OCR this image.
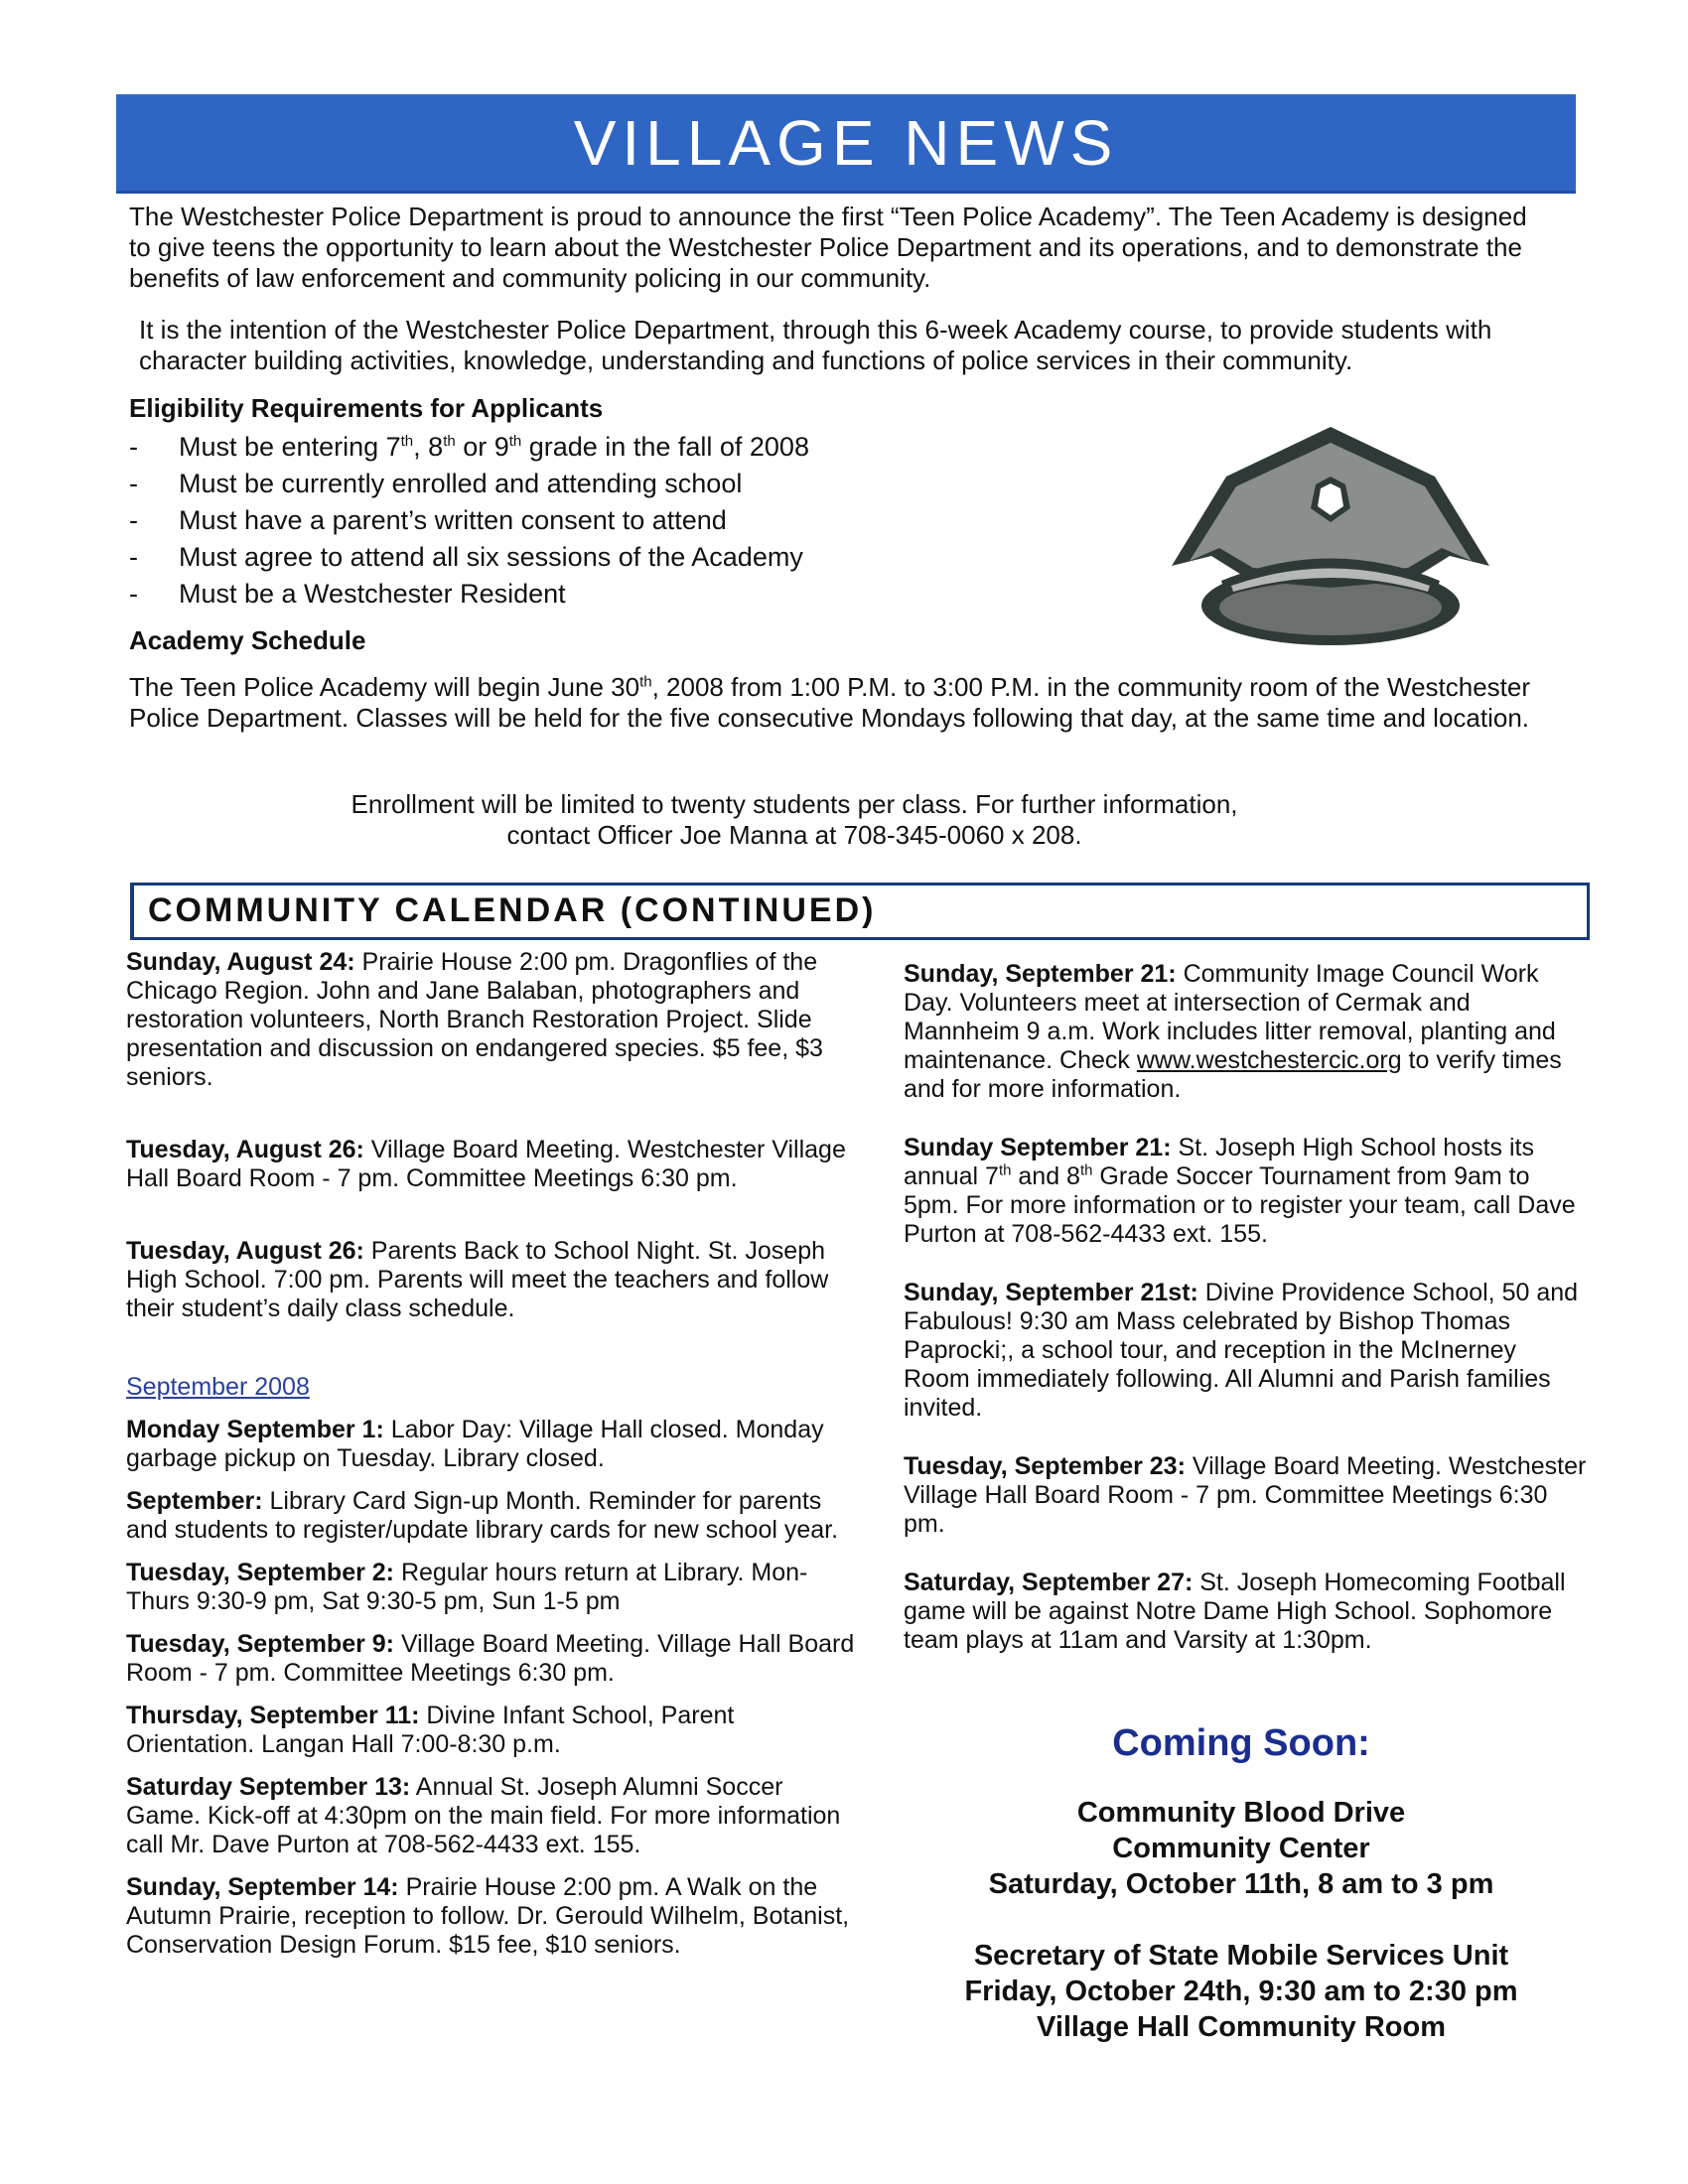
VILLAGE NEWS

The Westchester Police Department is proud to announce the first “Teen Police Academy”. The Teen Academy is designed to give teens the opportunity to learn about the Westchester Police Department and its operations, and to demonstrate the benefits of law enforcement and community policing in our community.

It is the intention of the Westchester Police Department, through this 6-week Academy course, to provide students with character building activities, knowledge, understanding and functions of police services in their community.

Eligibility Requirements for Applicants

- Must be entering 7th, 8th or 9th grade in the fall of 2008
- Must be currently enrolled and attending school
- Must have a parent’s written consent to attend
- Must agree to attend all six sessions of the Academy
- Must be a Westchester Resident

Academy Schedule

The Teen Police Academy will begin June 30th, 2008 from 1:00 P.M. to 3:00 P.M. in the community room of the Westchester Police Department. Classes will be held for the five consecutive Mondays following that day, at the same time and location.

Enrollment will be limited to twenty students per class. For further information,
contact Officer Joe Manna at 708-345-0060 x 208.

COMMUNITY CALENDAR (CONTINUED)

Sunday, August 24: Prairie House 2:00 pm. Dragonflies of the Chicago Region. John and Jane Balaban, photographers and restoration volunteers, North Branch Restoration Project. Slide presentation and discussion on endangered species. $5 fee, $3 seniors.

Tuesday, August 26: Village Board Meeting. Westchester Village Hall Board Room - 7 pm. Committee Meetings 6:30 pm.

Tuesday, August 26: Parents Back to School Night. St. Joseph High School. 7:00 pm. Parents will meet the teachers and follow their student’s daily class schedule.

September 2008

Monday September 1: Labor Day: Village Hall closed. Monday garbage pickup on Tuesday. Library closed.

September: Library Card Sign-up Month. Reminder for parents and students to register/update library cards for new school year.

Tuesday, September 2: Regular hours return at Library. Mon-Thurs 9:30-9 pm, Sat 9:30-5 pm, Sun 1-5 pm

Tuesday, September 9: Village Board Meeting. Village Hall Board Room - 7 pm. Committee Meetings 6:30 pm.

Thursday, September 11: Divine Infant School, Parent Orientation. Langan Hall 7:00-8:30 p.m.

Saturday September 13: Annual St. Joseph Alumni Soccer Game. Kick-off at 4:30pm on the main field. For more information call Mr. Dave Purton at 708-562-4433 ext. 155.

Sunday, September 14: Prairie House 2:00 pm. A Walk on the Autumn Prairie, reception to follow. Dr. Gerould Wilhelm, Botanist, Conservation Design Forum. $15 fee, $10 seniors.

Sunday, September 21: Community Image Council Work Day. Volunteers meet at intersection of Cermak and Mannheim 9 a.m. Work includes litter removal, planting and maintenance. Check www.westchestercic.org to verify times and for more information.

Sunday September 21: St. Joseph High School hosts its annual 7th and 8th Grade Soccer Tournament from 9am to 5pm. For more information or to register your team, call Dave Purton at 708-562-4433 ext. 155.

Sunday, September 21st: Divine Providence School, 50 and Fabulous! 9:30 am Mass celebrated by Bishop Thomas Paprocki;, a school tour, and reception in the McInerney Room immediately following. All Alumni and Parish families invited.

Tuesday, September 23: Village Board Meeting. Westchester Village Hall Board Room - 7 pm. Committee Meetings 6:30 pm.

Saturday, September 27: St. Joseph Homecoming Football game will be against Notre Dame High School. Sophomore team plays at 11am and Varsity at 1:30pm.

Coming Soon:

Community Blood Drive

Community Center

Saturday, October 11th, 8 am to 3 pm

Secretary of State Mobile Services Unit

Friday, October 24th, 9:30 am to 2:30 pm

Village Hall Community Room
